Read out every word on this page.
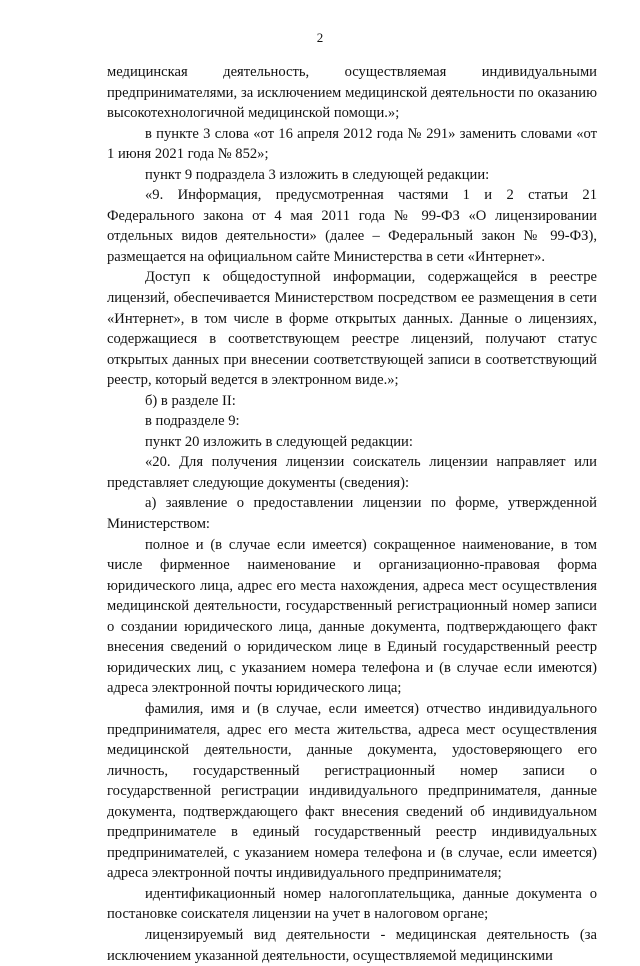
2

медицинская деятельность, осуществляемая индивидуальными предпринимателями, за исключением медицинской деятельности по оказанию высокотехнологичной медицинской помощи.»;

в пункте 3 слова «от 16 апреля 2012 года № 291» заменить словами «от 1 июня 2021 года № 852»;

пункт 9 подраздела 3 изложить в следующей редакции:

«9. Информация, предусмотренная частями 1 и 2 статьи 21 Федерального закона от 4 мая 2011 года № 99-ФЗ «О лицензировании отдельных видов деятельности» (далее – Федеральный закон № 99-ФЗ), размещается на официальном сайте Министерства в сети «Интернет».

Доступ к общедоступной информации, содержащейся в реестре лицензий, обеспечивается Министерством посредством ее размещения в сети «Интернет», в том числе в форме открытых данных. Данные о лицензиях, содержащиеся в соответствующем реестре лицензий, получают статус открытых данных при внесении соответствующей записи в соответствующий реестр, который ведется в электронном виде.»;

б) в разделе II:

в подразделе 9:

пункт 20 изложить в следующей редакции:

«20. Для получения лицензии соискатель лицензии направляет или представляет следующие документы (сведения):

а) заявление о предоставлении лицензии по форме, утвержденной Министерством:

полное и (в случае если имеется) сокращенное наименование, в том числе фирменное наименование и организационно-правовая форма юридического лица, адрес его места нахождения, адреса мест осуществления медицинской деятельности, государственный регистрационный номер записи о создании юридического лица, данные документа, подтверждающего факт внесения сведений о юридическом лице в Единый государственный реестр юридических лиц, с указанием номера телефона и (в случае если имеются) адреса электронной почты юридического лица;

фамилия, имя и (в случае, если имеется) отчество индивидуального предпринимателя, адрес его места жительства, адреса мест осуществления медицинской деятельности, данные документа, удостоверяющего его личность, государственный регистрационный номер записи о государственной регистрации индивидуального предпринимателя, данные документа, подтверждающего факт внесения сведений об индивидуальном предпринимателе в единый государственный реестр индивидуальных предпринимателей, с указанием номера телефона и (в случае, если имеется) адреса электронной почты индивидуального предпринимателя;

идентификационный номер налогоплательщика, данные документа о постановке соискателя лицензии на учет в налоговом органе;

лицензируемый вид деятельности - медицинская деятельность (за исключением указанной деятельности, осуществляемой медицинскими
